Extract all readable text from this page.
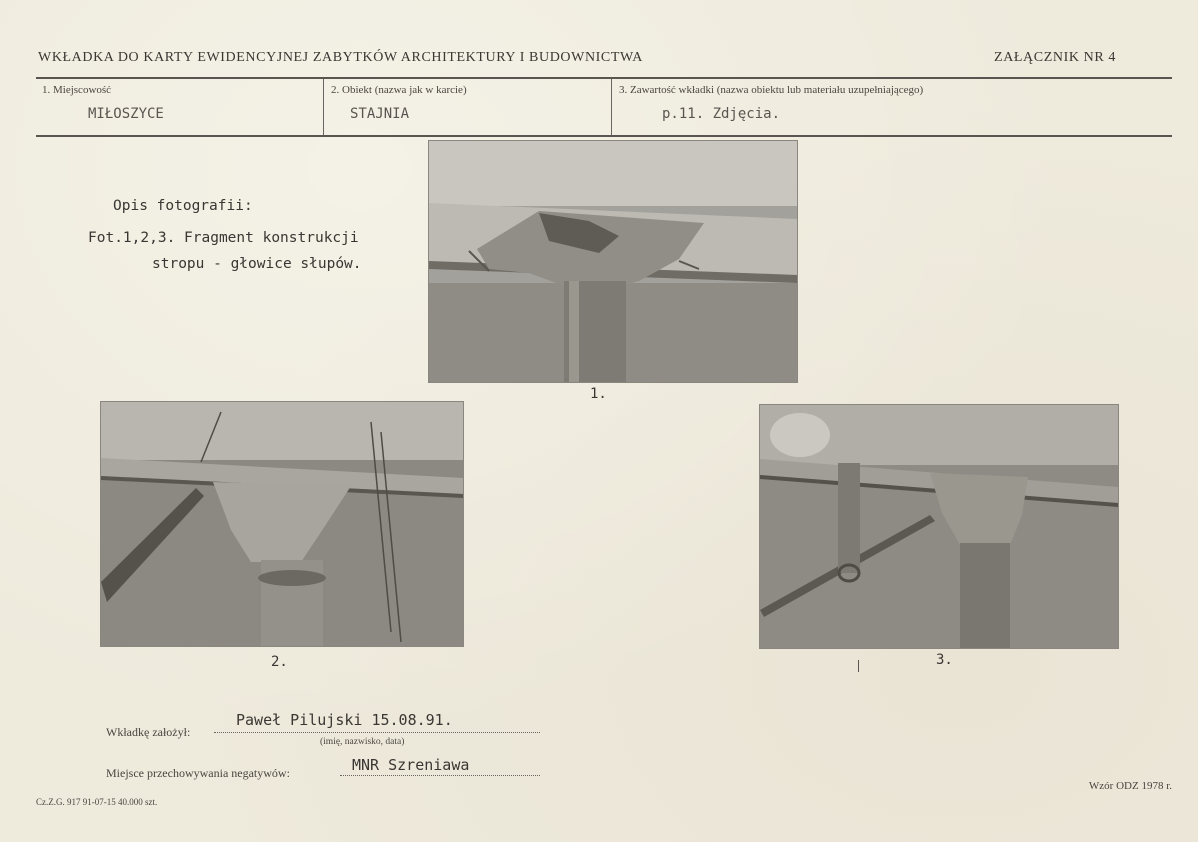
WKŁADKA DO KARTY EWIDENCYJNEJ ZABYTKÓW ARCHITEKTURY I BUDOWNICTWA	ZAŁĄCZNIK NR 4
1. Miejscowość
MIŁOSZYCE
2. Obiekt (nazwa jak w karcie)
STAJNIA
3. Zawartość wkładki (nazwa obiektu lub materiału uzupełniającego)
p.11. Zdjęcia.
Opis fotografii:
Fot.1,2,3. Fragment konstrukcji
stropu - głowice słupów.
1.
2.	3.
Wkładkę założył:
Paweł Pilujski 15.08.91.
(imię, nazwisko, data)
Miejsce przechowywania negatywów:	MNR Szreniawa
Cz.Z.G. 917 91-07-15 40.000 szt.
Wzór ODZ 1978 r.
